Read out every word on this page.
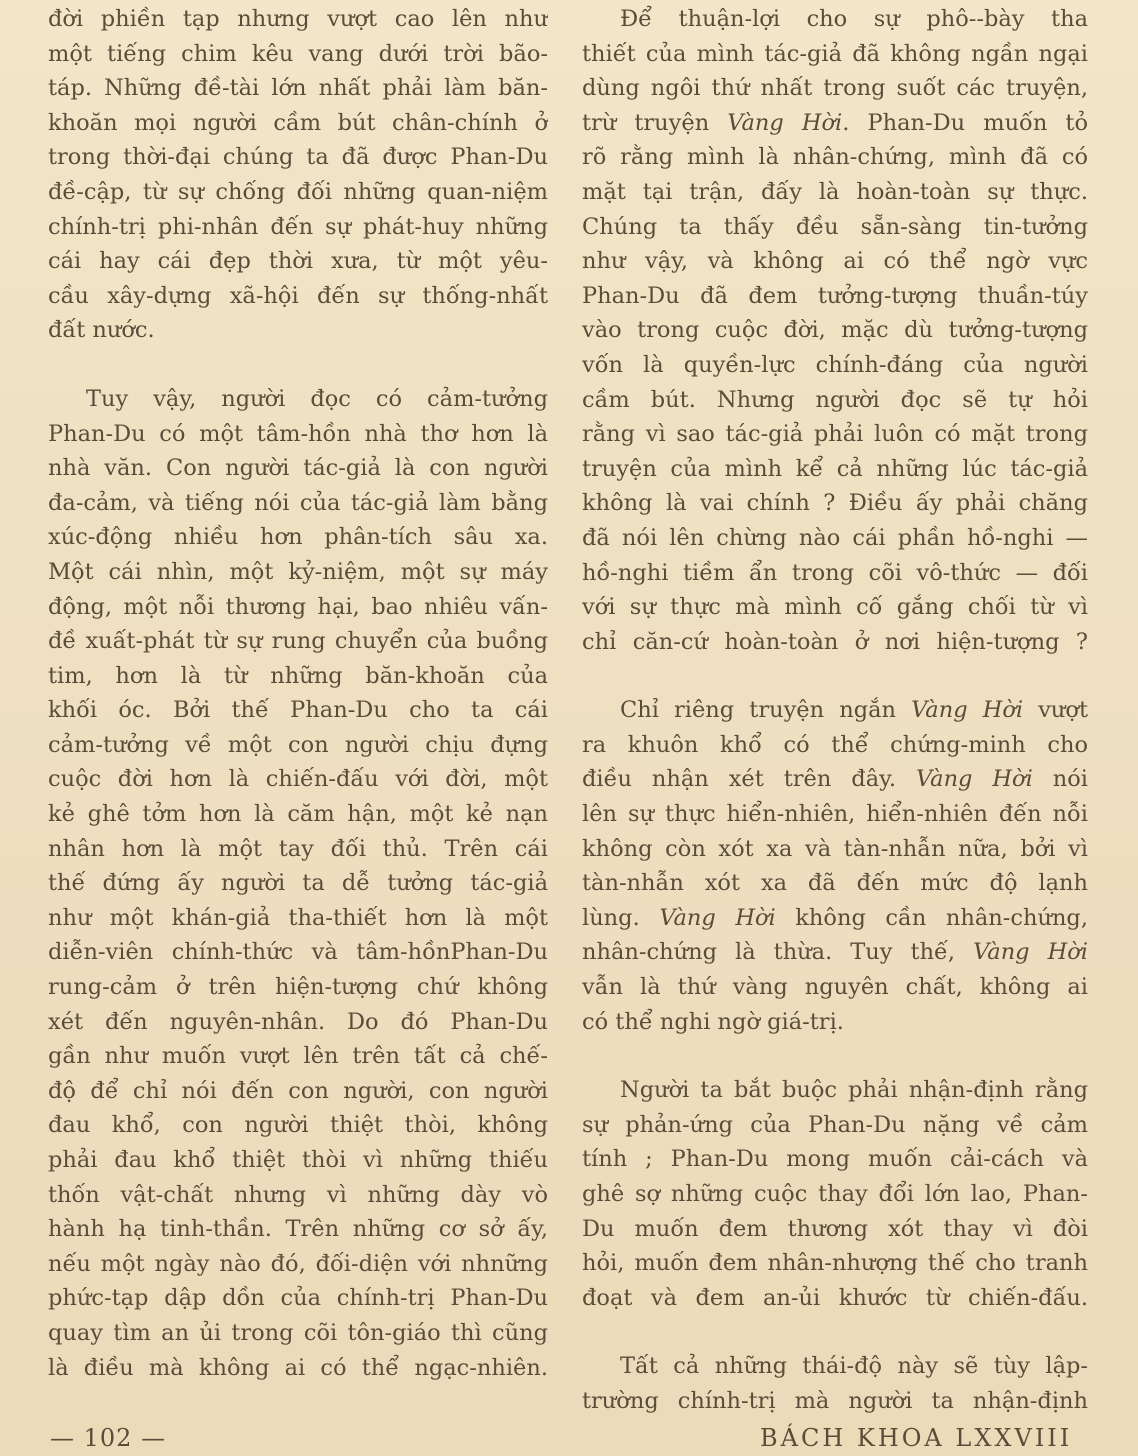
đời phiền tạp nhưng vượt cao lên như
một tiếng chim kêu vang dưới trời bão-
táp. Những đề-tài lớn nhất phải làm băn-
khoăn mọi người cầm bút chân-chính ở
trong thời-đại chúng ta đã được Phan-Du
đề-cập, từ sự chống đối những quan-niệm
chính-trị phi-nhân đến sự phát-huy những
cái hay cái đẹp thời xưa, từ một yêu-
cầu xây-dựng xã-hội đến sự thống-nhất
đất nước.
Tuy vậy, người đọc có cảm-tưởng
Phan-Du có một tâm-hồn nhà thơ hơn là
nhà văn. Con người tác-giả là con người
đa-cảm, và tiếng nói của tác-giả làm bằng
xúc-động nhiều hơn phân-tích sâu xa.
Một cái nhìn, một kỷ-niệm, một sự máy
động, một nỗi thương hại, bao nhiêu vấn-
đề xuất-phát từ sự rung chuyển của buồng
tim, hơn là từ những băn-khoăn của
khối óc. Bởi thế Phan-Du cho ta cái
cảm-tưởng về một con người chịu đựng
cuộc đời hơn là chiến-đấu với đời, một
kẻ ghê tởm hơn là căm hận, một kẻ nạn
nhân hơn là một tay đối thủ. Trên cái
thế đứng ấy người ta dễ tưởng tác-giả
như một khán-giả tha-thiết hơn là một
diễn-viên chính-thức và tâm-hồnPhan-Du
rung-cảm ở trên hiện-tượng chứ không
xét đến nguyên-nhân. Do đó Phan-Du
gần như muốn vượt lên trên tất cả chế-
độ để chỉ nói đến con người, con người
đau khổ, con người thiệt thòi, không
phải đau khổ thiệt thòi vì những thiếu
thốn vật-chất nhưng vì những dày vò
hành hạ tinh-thần. Trên những cơ sở ấy,
nếu một ngày nào đó, đối-diện với nhnững
phức-tạp dập dồn của chính-trị Phan-Du
quay tìm an ủi trong cõi tôn-giáo thì cũng
là điều mà không ai có thể ngạc-nhiên.
Để thuận-lợi cho sự phô--bày tha
thiết của mình tác-giả đã không ngần ngại
dùng ngôi thứ nhất trong suốt các truyện,
trừ truyện Vàng Hời. Phan-Du muốn tỏ
rõ rằng mình là nhân-chứng, mình đã có
mặt tại trận, đấy là hoàn-toàn sự thực.
Chúng ta thấy đều sẵn-sàng tin-tưởng
như vậy, và không ai có thể ngờ vực
Phan-Du đã đem tưởng-tượng thuần-túy
vào trong cuộc đời, mặc dù tưởng-tượng
vốn là quyền-lực chính-đáng của người
cầm bút. Nhưng người đọc sẽ tự hỏi
rằng vì sao tác-giả phải luôn có mặt trong
truyện của mình kể cả những lúc tác-giả
không là vai chính ? Điều ấy phải chăng
đã nói lên chừng nào cái phần hồ-nghi —
hồ-nghi tiềm ẩn trong cõi vô-thức — đối
với sự thực mà mình cố gắng chối từ vì
chỉ căn-cứ hoàn-toàn ở nơi hiện-tượng ?
Chỉ riêng truyện ngắn Vàng Hời vượt
ra khuôn khổ có thể chứng-minh cho
điều nhận xét trên đây. Vàng Hời nói
lên sự thực hiển-nhiên, hiển-nhiên đến nỗi
không còn xót xa và tàn-nhẫn nữa, bởi vì
tàn-nhẫn xót xa đã đến mức độ lạnh
lùng. Vàng Hời không cần nhân-chứng,
nhân-chứng là thừa. Tuy thế, Vàng Hời
vẫn là thứ vàng nguyên chất, không ai
có thể nghi ngờ giá-trị.
Người ta bắt buộc phải nhận-định rằng
sự phản-ứng của Phan-Du nặng về cảm
tính ; Phan-Du mong muốn cải-cách và
ghê sợ những cuộc thay đổi lớn lao, Phan-
Du muốn đem thương xót thay vì đòi
hỏi, muốn đem nhân-nhượng thế cho tranh
đoạt và đem an-ủi khước từ chiến-đấu.
Tất cả những thái-độ này sẽ tùy lập-
trường chính-trị mà người ta nhận-định
— 102 —	BÁCH KHOA LXXVIII
